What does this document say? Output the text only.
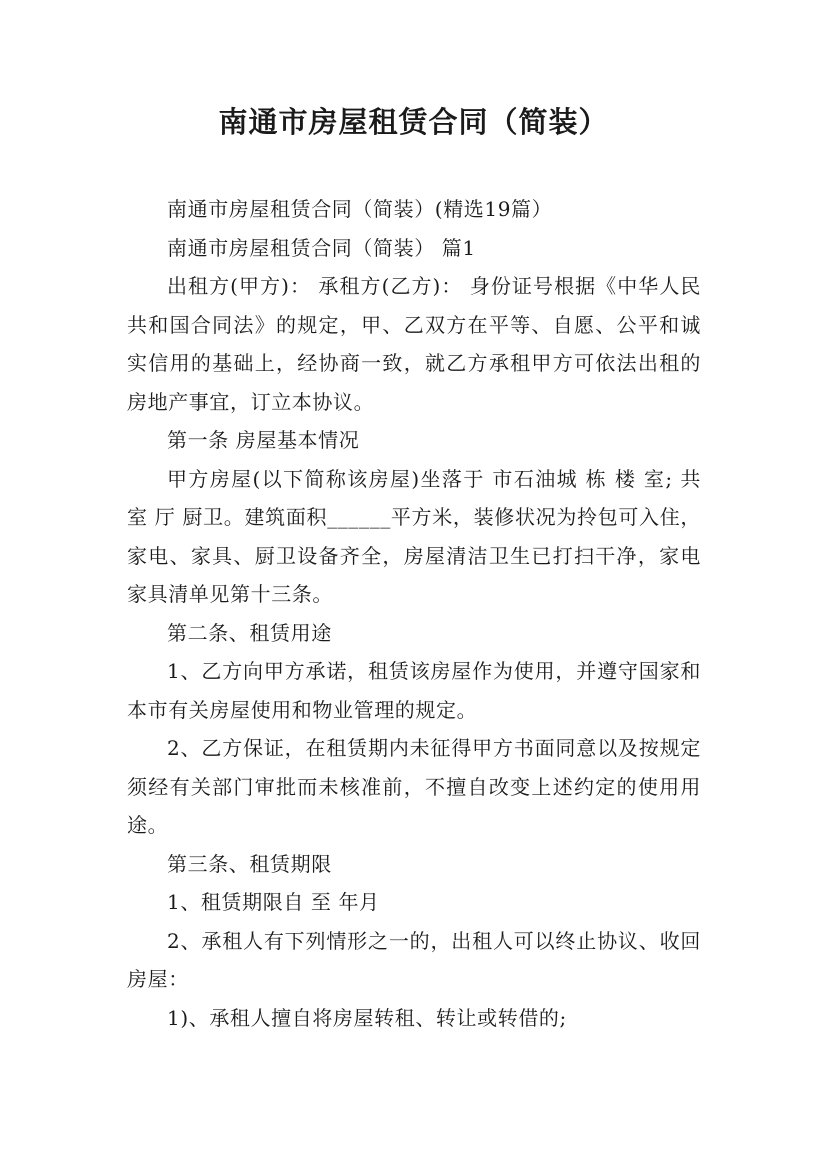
南通市房屋租赁合同（简装）

南通市房屋租赁合同（简装）(精选19篇）

南通市房屋租赁合同（简装） 篇1

出租方(甲方)： 承租方(乙方)： 身份证号根据《中华人民共和国合同法》的规定，甲、乙双方在平等、自愿、公平和诚实信用的基础上，经协商一致，就乙方承租甲方可依法出租的房地产事宜，订立本协议。

第一条 房屋基本情况

甲方房屋(以下简称该房屋)坐落于 市石油城 栋 楼 室; 共 室 厅 厨卫。建筑面积______平方米，装修状况为拎包可入住，家电、家具、厨卫设备齐全，房屋清洁卫生已打扫干净，家电家具清单见第十三条。

第二条、租赁用途

1、乙方向甲方承诺，租赁该房屋作为使用，并遵守国家和本市有关房屋使用和物业管理的规定。

2、乙方保证，在租赁期内未征得甲方书面同意以及按规定须经有关部门审批而未核准前，不擅自改变上述约定的使用用途。

第三条、租赁期限

1、租赁期限自 至 年月

2、承租人有下列情形之一的，出租人可以终止协议、收回房屋：

1)、承租人擅自将房屋转租、转让或转借的;
